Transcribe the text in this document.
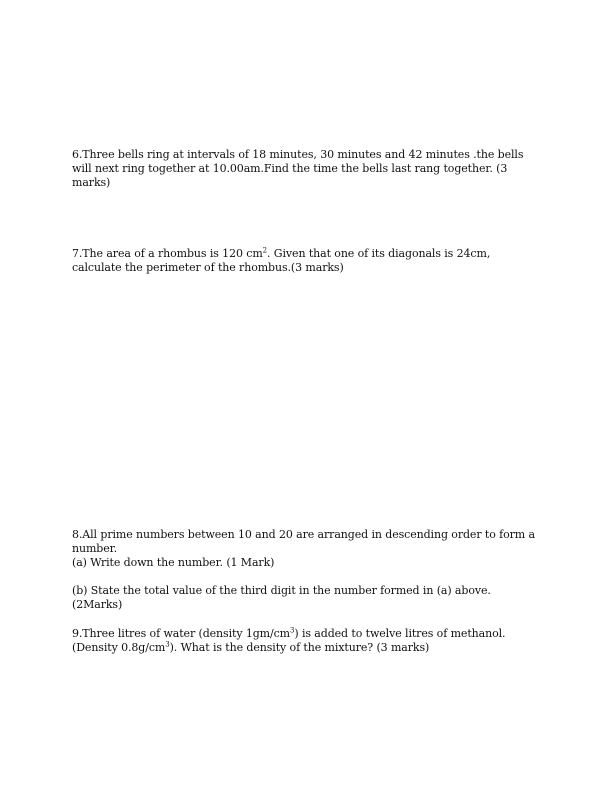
6.Three bells ring at intervals of 18 minutes, 30 minutes and 42 minutes .the bells will next ring together at 10.00am.Find the time the bells last rang together. (3 marks)

7.The area of a rhombus is 120 $cm^2$. Given that one of its diagonals is 24cm, calculate the perimeter of the rhombus.(3 marks)

8.All prime numbers between 10 and 20 are arranged in descending order to form a number.

(a) Write down the number. (1 Mark)

(b) State the total value of the third digit in the number formed in (a) above. (2Marks)

9.Three litres of water (density $1gm/cm^3$) is added to twelve litres of methanol. (Density $0.8g/cm^3$). What is the density of the mixture? (3 marks)
